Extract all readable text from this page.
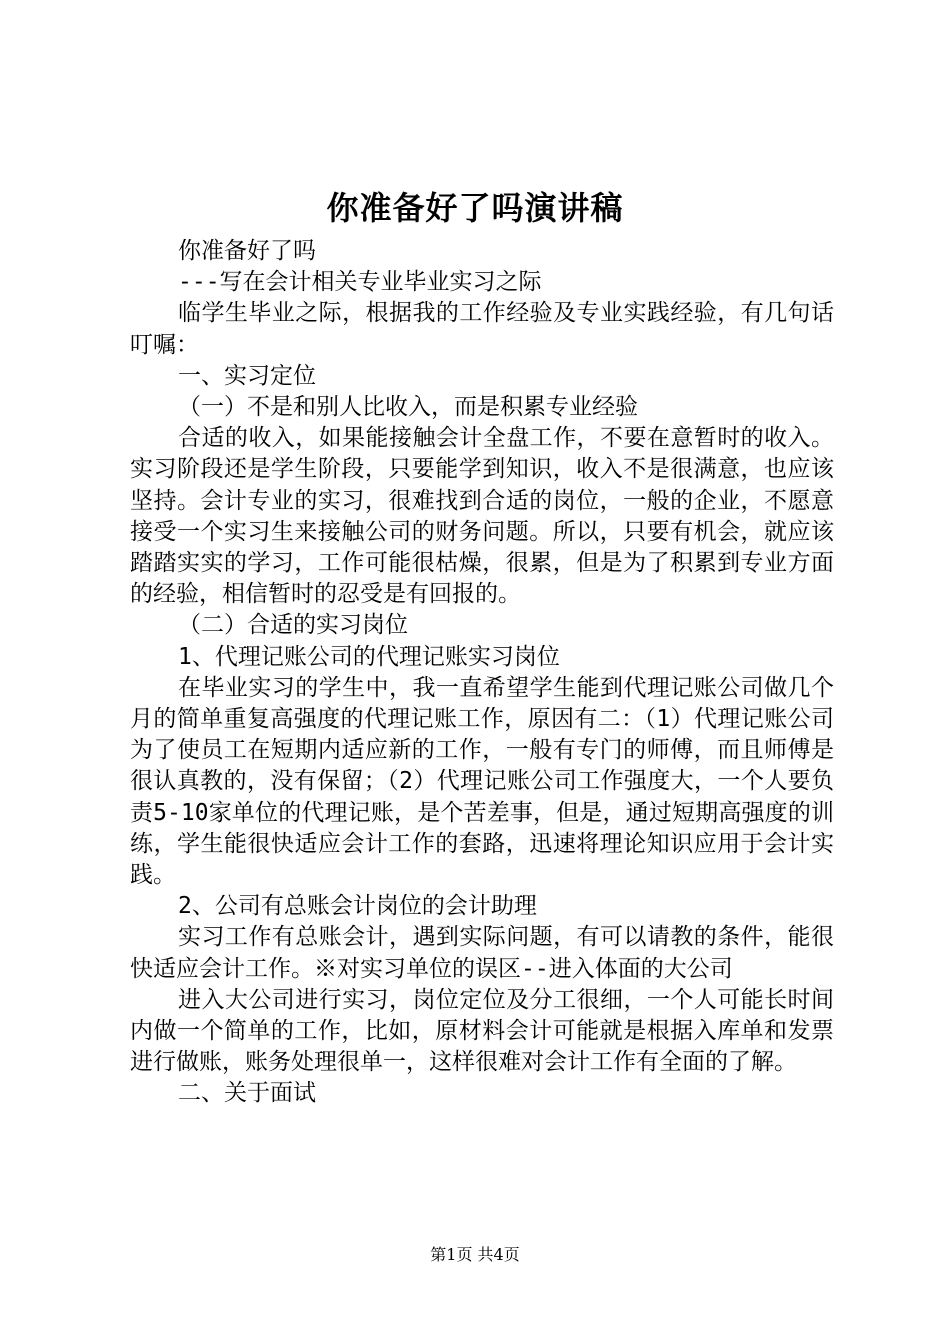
你准备好了吗演讲稿

你准备好了吗

---写在会计相关专业毕业实习之际

临学生毕业之际，根据我的工作经验及专业实践经验，有几句话叮嘱：

一、实习定位

（一）不是和别人比收入，而是积累专业经验

合适的收入，如果能接触会计全盘工作，不要在意暂时的收入。实习阶段还是学生阶段，只要能学到知识，收入不是很满意，也应该坚持。会计专业的实习，很难找到合适的岗位，一般的企业，不愿意接受一个实习生来接触公司的财务问题。所以，只要有机会，就应该踏踏实实的学习，工作可能很枯燥，很累，但是为了积累到专业方面的经验，相信暂时的忍受是有回报的。

（二）合适的实习岗位

1、代理记账公司的代理记账实习岗位

在毕业实习的学生中，我一直希望学生能到代理记账公司做几个月的简单重复高强度的代理记账工作，原因有二：（1）代理记账公司为了使员工在短期内适应新的工作，一般有专门的师傅，而且师傅是很认真教的，没有保留；（2）代理记账公司工作强度大，一个人要负责5-10家单位的代理记账，是个苦差事，但是，通过短期高强度的训练，学生能很快适应会计工作的套路，迅速将理论知识应用于会计实践。

2、公司有总账会计岗位的会计助理

实习工作有总账会计，遇到实际问题，有可以请教的条件，能很快适应会计工作。※对实习单位的误区--进入体面的大公司

进入大公司进行实习，岗位定位及分工很细，一个人可能长时间内做一个简单的工作，比如，原材料会计可能就是根据入库单和发票进行做账，账务处理很单一，这样很难对会计工作有全面的了解。

二、关于面试

第1页 共4页
